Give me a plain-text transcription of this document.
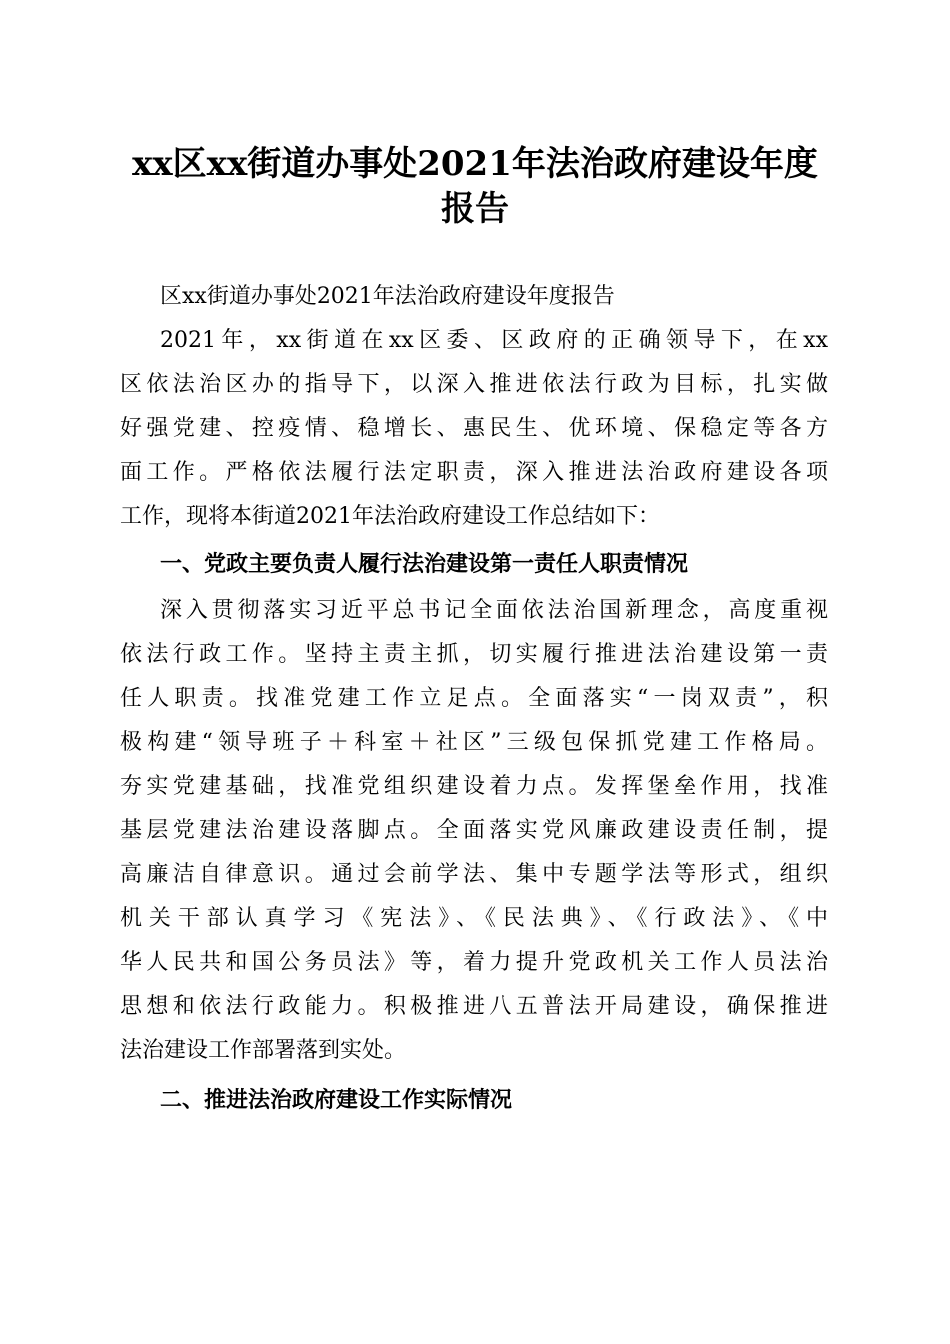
xx区xx街道办事处2021年法治政府建设年度
报告

区xx街道办事处2021年法治政府建设年度报告

2021年，xx街道在xx区委、区政府的正确领导下，在xx

区依法治区办的指导下，以深入推进依法行政为目标，扎实做

好强党建、控疫情、稳增长、惠民生、优环境、保稳定等各方

面工作。严格依法履行法定职责，深入推进法治政府建设各项

工作，现将本街道2021年法治政府建设工作总结如下：

一、党政主要负责人履行法治建设第一责任人职责情况

深入贯彻落实习近平总书记全面依法治国新理念，高度重视

依法行政工作。坚持主责主抓，切实履行推进法治建设第一责

任人职责。找准党建工作立足点。全面落实“一岗双责”，积

极构建“领导班子＋科室＋社区”三级包保抓党建工作格局。

夯实党建基础，找准党组织建设着力点。发挥堡垒作用，找准

基层党建法治建设落脚点。全面落实党风廉政建设责任制，提

高廉洁自律意识。通过会前学法、集中专题学法等形式，组织

机关干部认真学习《宪法》、《民法典》、《行政法》、《中

华人民共和国公务员法》等，着力提升党政机关工作人员法治

思想和依法行政能力。积极推进八五普法开局建设，确保推进

法治建设工作部署落到实处。

二、推进法治政府建设工作实际情况
